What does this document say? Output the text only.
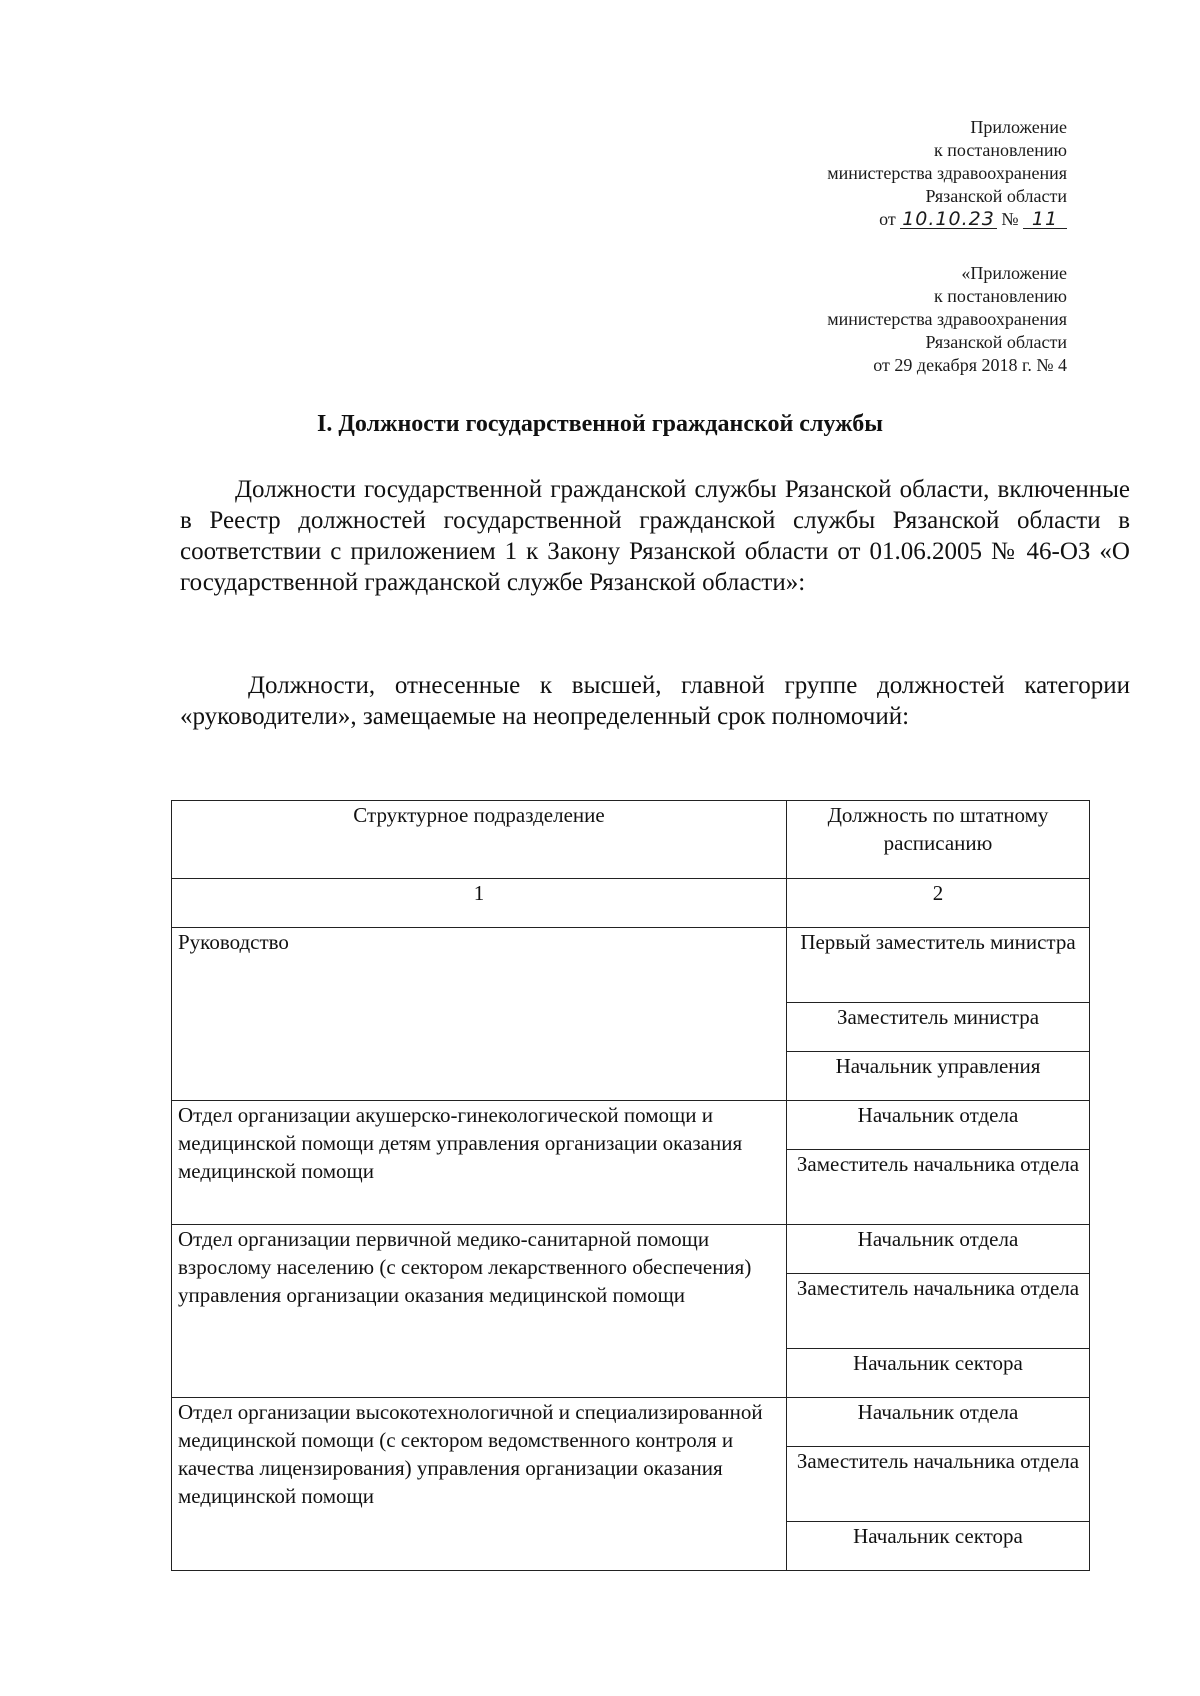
Приложение
к постановлению
министерства здравоохранения
Рязанской области
от 10.10.23 № 11
«Приложение
к постановлению
министерства здравоохранения
Рязанской области
от 29 декабря 2018 г. № 4
I. Должности государственной гражданской службы
Должности государственной гражданской службы Рязанской области, включенные в Реестр должностей государственной гражданской службы Рязанской области в соответствии с приложением 1 к Закону Рязанской области от 01.06.2005 № 46-ОЗ «О государственной гражданской службе Рязанской области»:
Должности, отнесенные к высшей, главной группе должностей категории «руководители», замещаемые на неопределенный срок полномочий:
Структурное подразделение	Должность по штатному расписанию
1	2
Руководство	Первый заместитель министра
	Заместитель министра
	Начальник управления
Отдел организации акушерско-гинекологической помощи и медицинской помощи детям управления организации оказания медицинской помощи	Начальник отдела
	Заместитель начальника отдела
Отдел организации первичной медико-санитарной помощи взрослому населению (с сектором лекарственного обеспечения) управления организации оказания медицинской помощи	Начальник отдела
	Заместитель начальника отдела
	Начальник сектора
Отдел организации высокотехнологичной и специализированной медицинской помощи (с сектором ведомственного контроля и качества лицензирования) управления организации оказания медицинской помощи	Начальник отдела
	Заместитель начальника отдела
	Начальник сектора
